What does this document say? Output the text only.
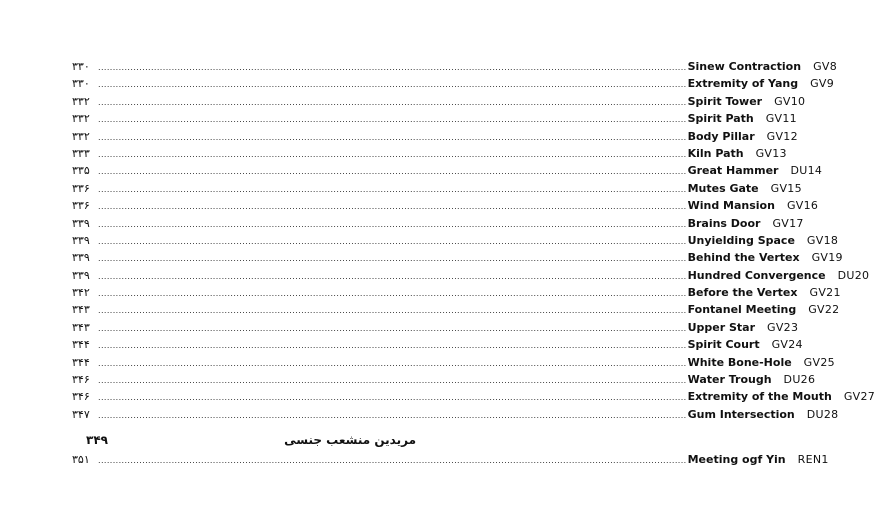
۳۳۰	........................................................................................................................................................................................................ Sinew Contraction	GV8
۳۳۰	........................................................................................................................................................................................................ Extremity of Yang	GV9
۳۳۲	........................................................................................................................................................................................................ Spirit Tower	GV10
۳۳۲	........................................................................................................................................................................................................ Spirit Path	GV11
۳۳۲	........................................................................................................................................................................................................ Body Pillar	GV12
۳۳۳	........................................................................................................................................................................................................ Kiln Path	GV13
۳۳۵	........................................................................................................................................................................................................ Great Hammer	DU14
۳۳۶	........................................................................................................................................................................................................ Mutes Gate	GV15
۳۳۶	........................................................................................................................................................................................................ Wind Mansion	GV16
۳۳۹	........................................................................................................................................................................................................ Brains Door	GV17
۳۳۹	........................................................................................................................................................................................................ Unyielding Space	GV18
۳۳۹	........................................................................................................................................................................................................ Behind the Vertex	GV19
۳۳۹	........................................................................................................................................................................................................ Hundred Convergence	DU20
۳۴۲	........................................................................................................................................................................................................ Before the Vertex	GV21
۳۴۳	........................................................................................................................................................................................................ Fontanel Meeting	GV22
۳۴۳	........................................................................................................................................................................................................ Upper Star	GV23
۳۴۴	........................................................................................................................................................................................................ Spirit Court	GV24
۳۴۴	........................................................................................................................................................................................................ White Bone-Hole	GV25
۳۴۶	........................................................................................................................................................................................................ Water Trough	DU26
۳۴۶	........................................................................................................................................................................................................ Extremity of the Mouth	GV27
۳۴۷	........................................................................................................................................................................................................ Gum Intersection	DU28
۳۴۹	مریدین منشعب جنسی
۳۵۱	........................................................................................................................................................................................................ Meeting ogf Yin	REN1
